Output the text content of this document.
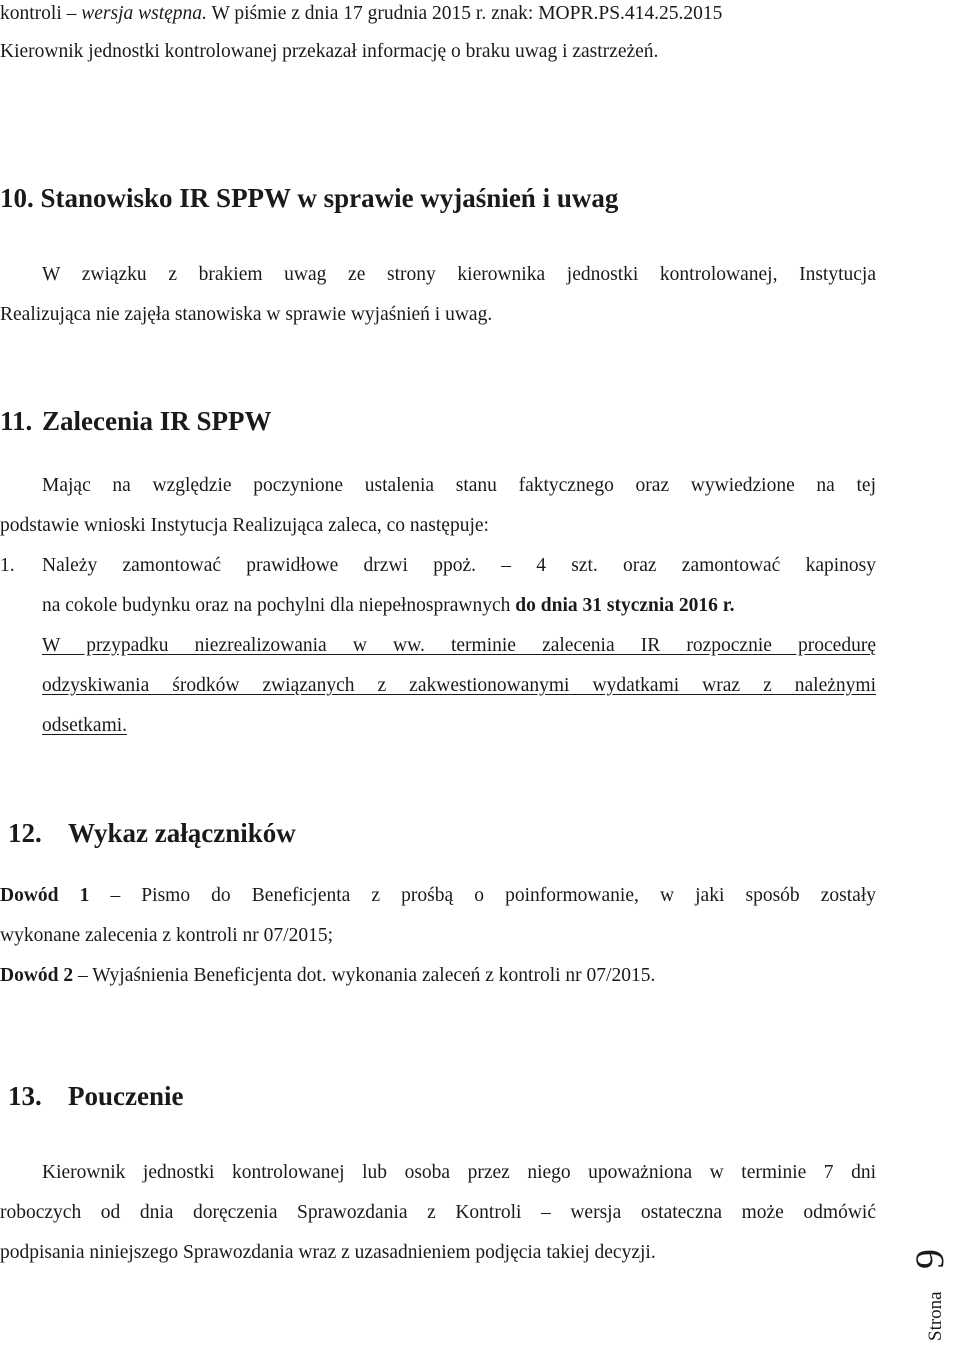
kontroli – wersja wstępna. W piśmie z dnia 17 grudnia 2015 r. znak: MOPR.PS.414.25.2015
Kierownik jednostki kontrolowanej przekazał informację o braku uwag i zastrzeżeń.
10. Stanowisko IR SPPW w sprawie wyjaśnień i uwag
W związku z brakiem uwag ze strony kierownika jednostki kontrolowanej, Instytucja
Realizująca nie zajęła stanowiska w sprawie wyjaśnień i uwag.
11. Zalecenia IR SPPW
Mając na względzie poczynione ustalenia stanu faktycznego oraz wywiedzione na tej
podstawie wnioski Instytucja Realizująca zaleca, co następuje:
1. Należy zamontować prawidłowe drzwi ppoż. – 4 szt. oraz zamontować kapinosy
na cokole budynku oraz na pochylni dla niepełnosprawnych do dnia 31 stycznia 2016 r.
W przypadku niezrealizowania w ww. terminie zalecenia IR rozpocznie procedurę
odzyskiwania środków związanych z zakwestionowanymi wydatkami wraz z należnymi
odsetkami.
12. Wykaz załączników
Dowód 1 – Pismo do Beneficjenta z prośbą o poinformowanie, w jaki sposób zostały
wykonane zalecenia z kontroli nr 07/2015;
Dowód 2 – Wyjaśnienia Beneficjenta dot. wykonania zaleceń z kontroli nr 07/2015.
13. Pouczenie
Kierownik jednostki kontrolowanej lub osoba przez niego upoważniona w terminie 7 dni
roboczych od dnia doręczenia Sprawozdania z Kontroli – wersja ostateczna może odmówić
podpisania niniejszego Sprawozdania wraz z uzasadnieniem podjęcia takiej decyzji.
Strona
9
